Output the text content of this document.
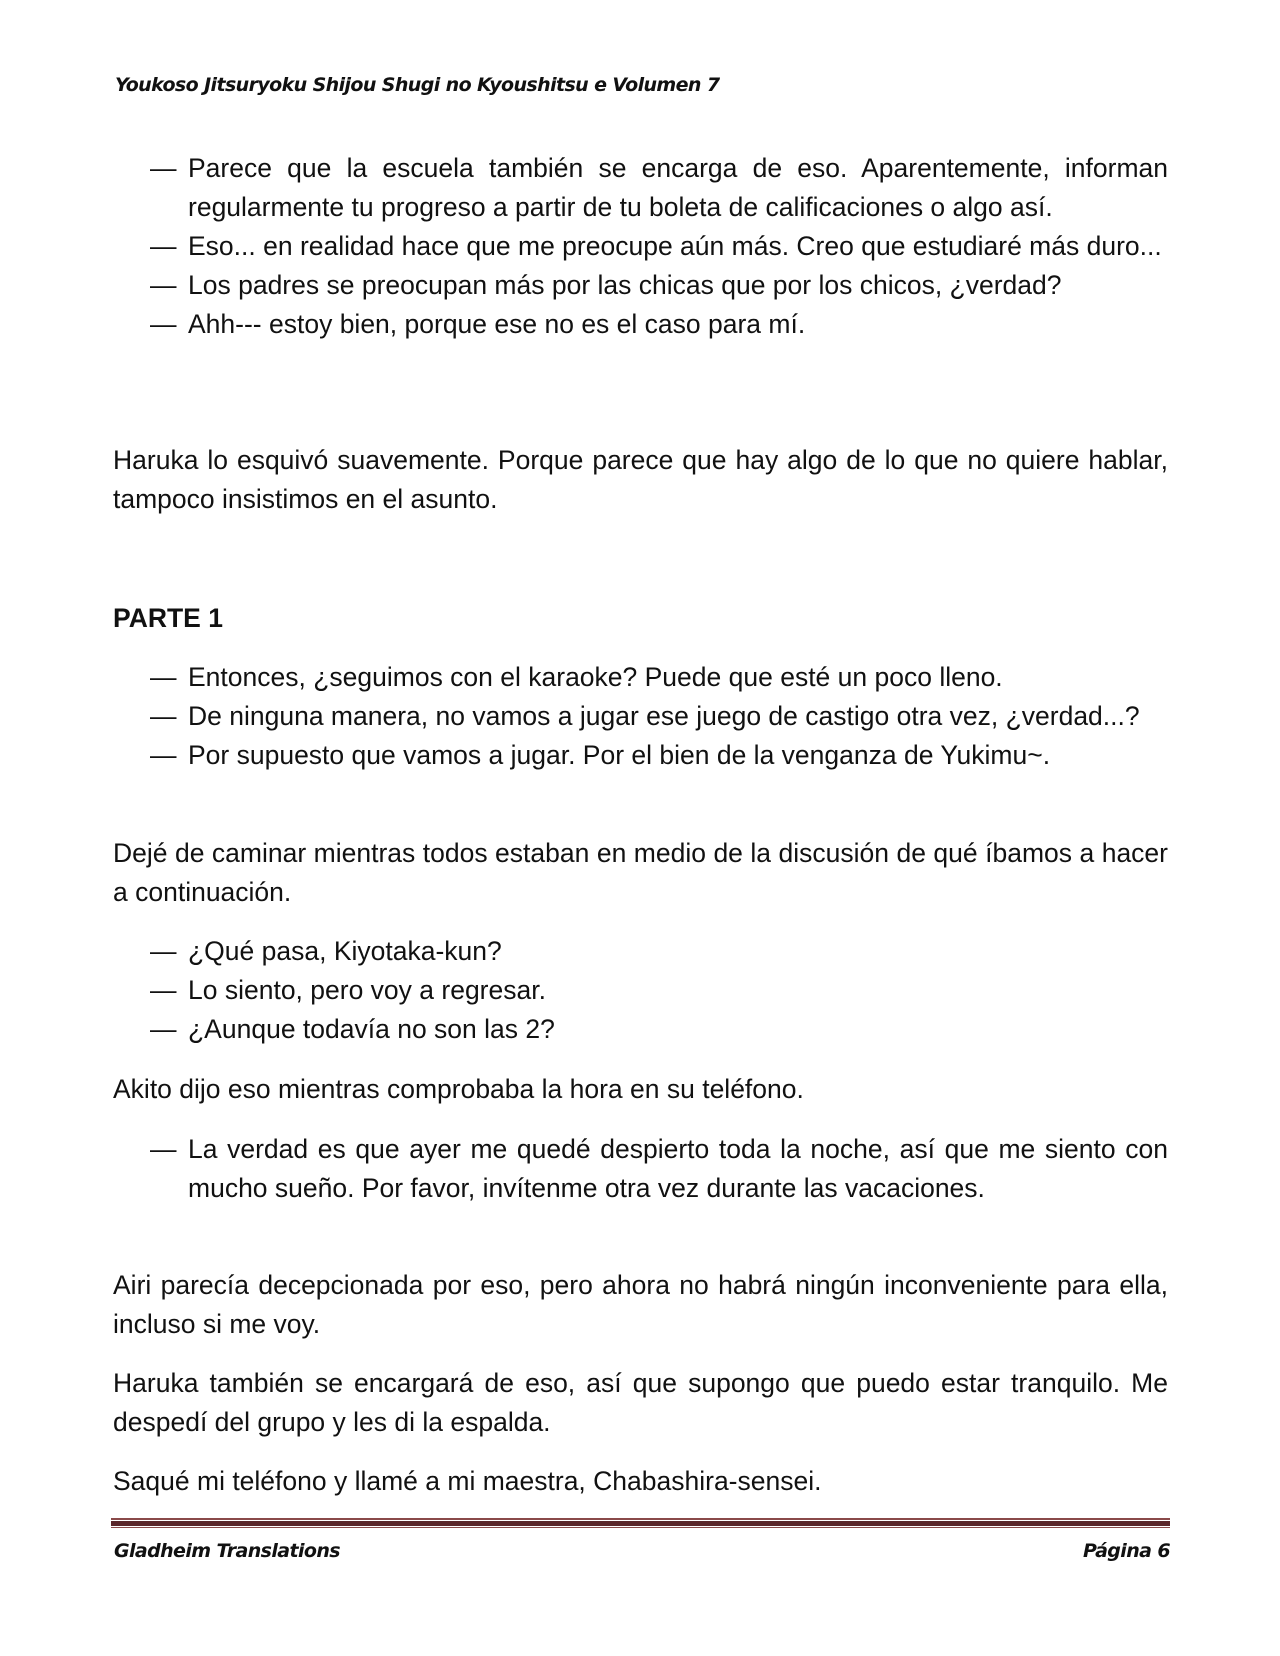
Youkoso Jitsuryoku Shijou Shugi no Kyoushitsu e Volumen 7
— Parece que la escuela también se encarga de eso. Aparentemente, informan regularmente tu progreso a partir de tu boleta de calificaciones o algo así.
— Eso... en realidad hace que me preocupe aún más. Creo que estudiaré más duro...
— Los padres se preocupan más por las chicas que por los chicos, ¿verdad?
— Ahh--- estoy bien, porque ese no es el caso para mí.
Haruka lo esquivó suavemente. Porque parece que hay algo de lo que no quiere hablar, tampoco insistimos en el asunto.
PARTE 1
— Entonces, ¿seguimos con el karaoke? Puede que esté un poco lleno.
— De ninguna manera, no vamos a jugar ese juego de castigo otra vez, ¿verdad...?
— Por supuesto que vamos a jugar. Por el bien de la venganza de Yukimu~.
Dejé de caminar mientras todos estaban en medio de la discusión de qué íbamos a hacer a continuación.
— ¿Qué pasa, Kiyotaka-kun?
— Lo siento, pero voy a regresar.
— ¿Aunque todavía no son las 2?
Akito dijo eso mientras comprobaba la hora en su teléfono.
— La verdad es que ayer me quedé despierto toda la noche, así que me siento con mucho sueño. Por favor, invítenme otra vez durante las vacaciones.
Airi parecía decepcionada por eso, pero ahora no habrá ningún inconveniente para ella, incluso si me voy.
Haruka también se encargará de eso, así que supongo que puedo estar tranquilo. Me despedí del grupo y les di la espalda.
Saqué mi teléfono y llamé a mi maestra, Chabashira-sensei.
Gladheim Translations	Página 6
